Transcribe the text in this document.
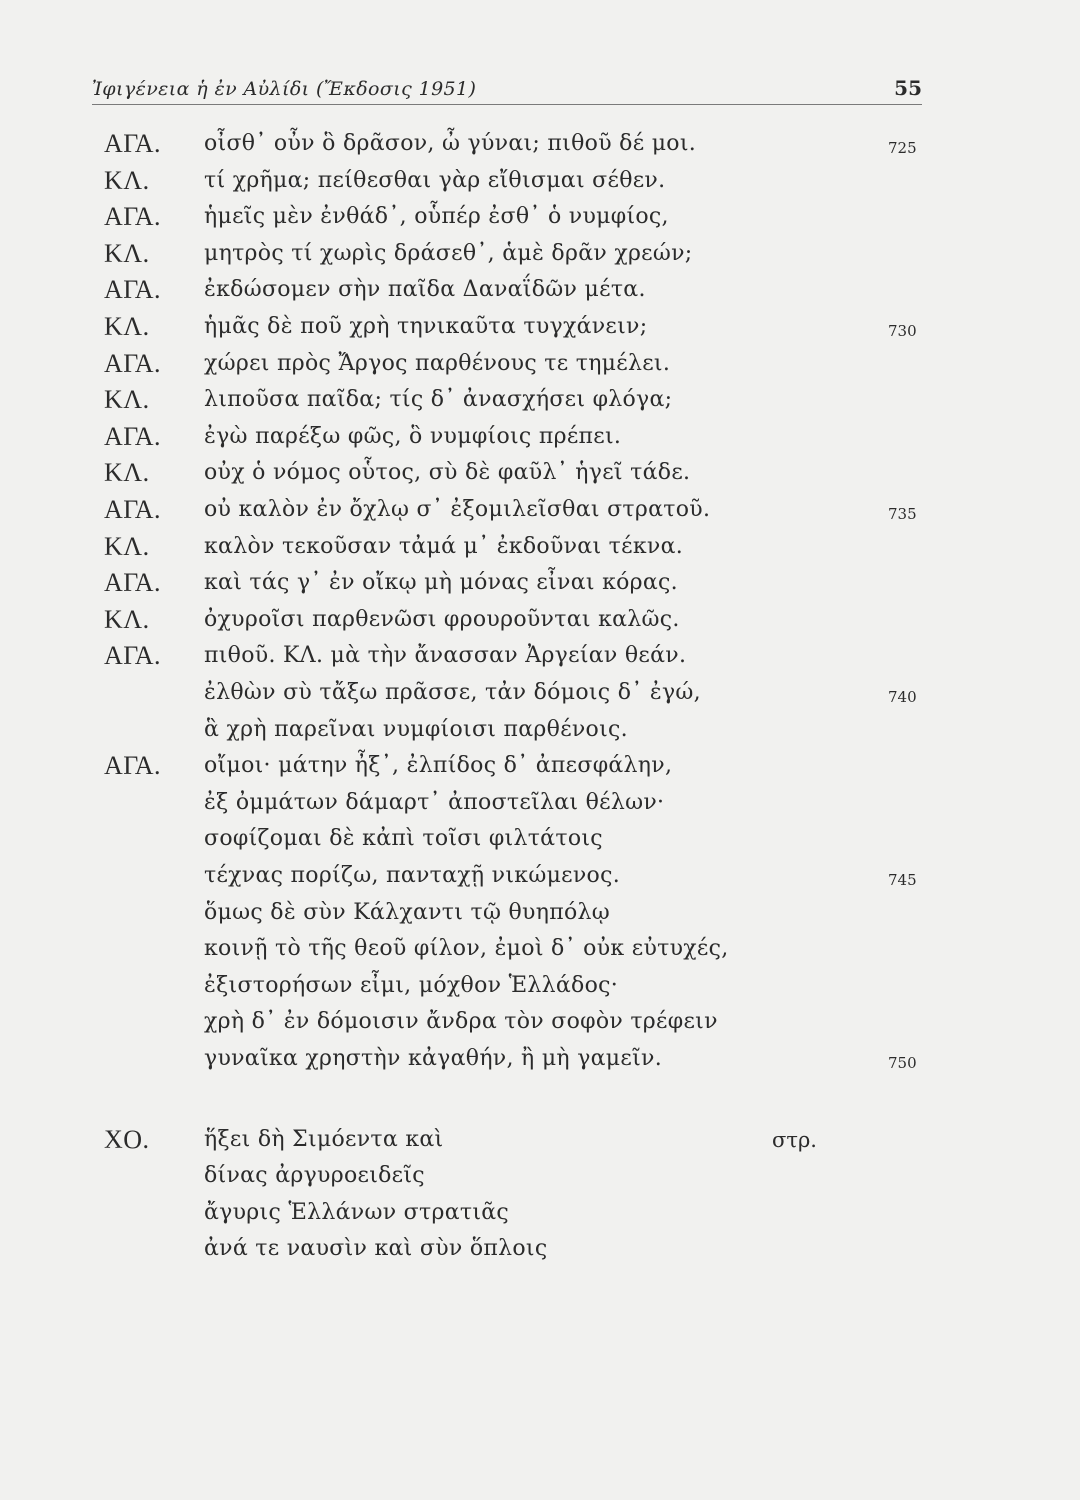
Ἰφιγένεια ἡ ἐν Αὐλίδι (Ἔκδοσις 1951)	55
ΑΓΑ. οἶσθ᾽ οὖν ὃ δρᾶσον, ὦ γύναι; πιθοῦ δέ μοι.	725
ΚΛ. τί χρῆμα; πείθεσθαι γὰρ εἴθισμαι σέθεν.
ΑΓΑ. ἡμεῖς μὲν ἐνθάδ᾽, οὗπέρ ἐσθ᾽ ὁ νυμφίος,
ΚΛ. μητρὸς τί χωρὶς δράσεθ᾽, ἁμὲ δρᾶν χρεών;
ΑΓΑ. ἐκδώσομεν σὴν παῖδα Δαναΐδῶν μέτα.
ΚΛ. ἡμᾶς δὲ ποῦ χρὴ τηνικαῦτα τυγχάνειν;	730
ΑΓΑ. χώρει πρὸς Ἄργος παρθένους τε τημέλει.
ΚΛ. λιποῦσα παῖδα; τίς δ᾽ ἀνασχήσει φλόγα;
ΑΓΑ. ἐγὼ παρέξω φῶς, ὃ νυμφίοις πρέπει.
ΚΛ. οὐχ ὁ νόμος οὗτος, σὺ δὲ φαῦλ᾽ ἡγεῖ τάδε.
ΑΓΑ. οὐ καλὸν ἐν ὄχλῳ σ᾽ ἐξομιλεῖσθαι στρατοῦ.	735
ΚΛ. καλὸν τεκοῦσαν τἀμά μ᾽ ἐκδοῦναι τέκνα.
ΑΓΑ. καὶ τάς γ᾽ ἐν οἴκῳ μὴ μόνας εἶναι κόρας.
ΚΛ. ὀχυροῖσι παρθενῶσι φρουροῦνται καλῶς.
ΑΓΑ. πιθοῦ. ΚΛ. μὰ τὴν ἄνασσαν Ἀργείαν θεάν.
ἐλθὼν σὺ τἄξω πρᾶσσε, τἀν δόμοις δ᾽ ἐγώ,	740
ἃ χρὴ παρεῖναι νυμφίοισι παρθένοις.
ΑΓΑ. οἴμοι· μάτην ἦξ᾽, ἐλπίδος δ᾽ ἀπεσφάλην,
ἐξ ὀμμάτων δάμαρτ᾽ ἀποστεῖλαι θέλων·
σοφίζομαι δὲ κἀπὶ τοῖσι φιλτάτοις
τέχνας πορίζω, πανταχῇ νικώμενος.	745
ὅμως δὲ σὺν Κάλχαντι τῷ θυηπόλῳ
κοινῇ τὸ τῆς θεοῦ φίλον, ἐμοὶ δ᾽ οὐκ εὐτυχές,
ἐξιστορήσων εἶμι, μόχθον Ἑλλάδος·
χρὴ δ᾽ ἐν δόμοισιν ἄνδρα τὸν σοφὸν τρέφειν
γυναῖκα χρηστὴν κἀγαθήν, ἢ μὴ γαμεῖν.	750
ΧΟ. ἥξει δὴ Σιμόεντα καὶ	στρ.
δίνας ἀργυροειδεῖς
ἄγυρις Ἑλλάνων στρατιᾶς
ἀνά τε ναυσὶν καὶ σὺν ὅπλοις
